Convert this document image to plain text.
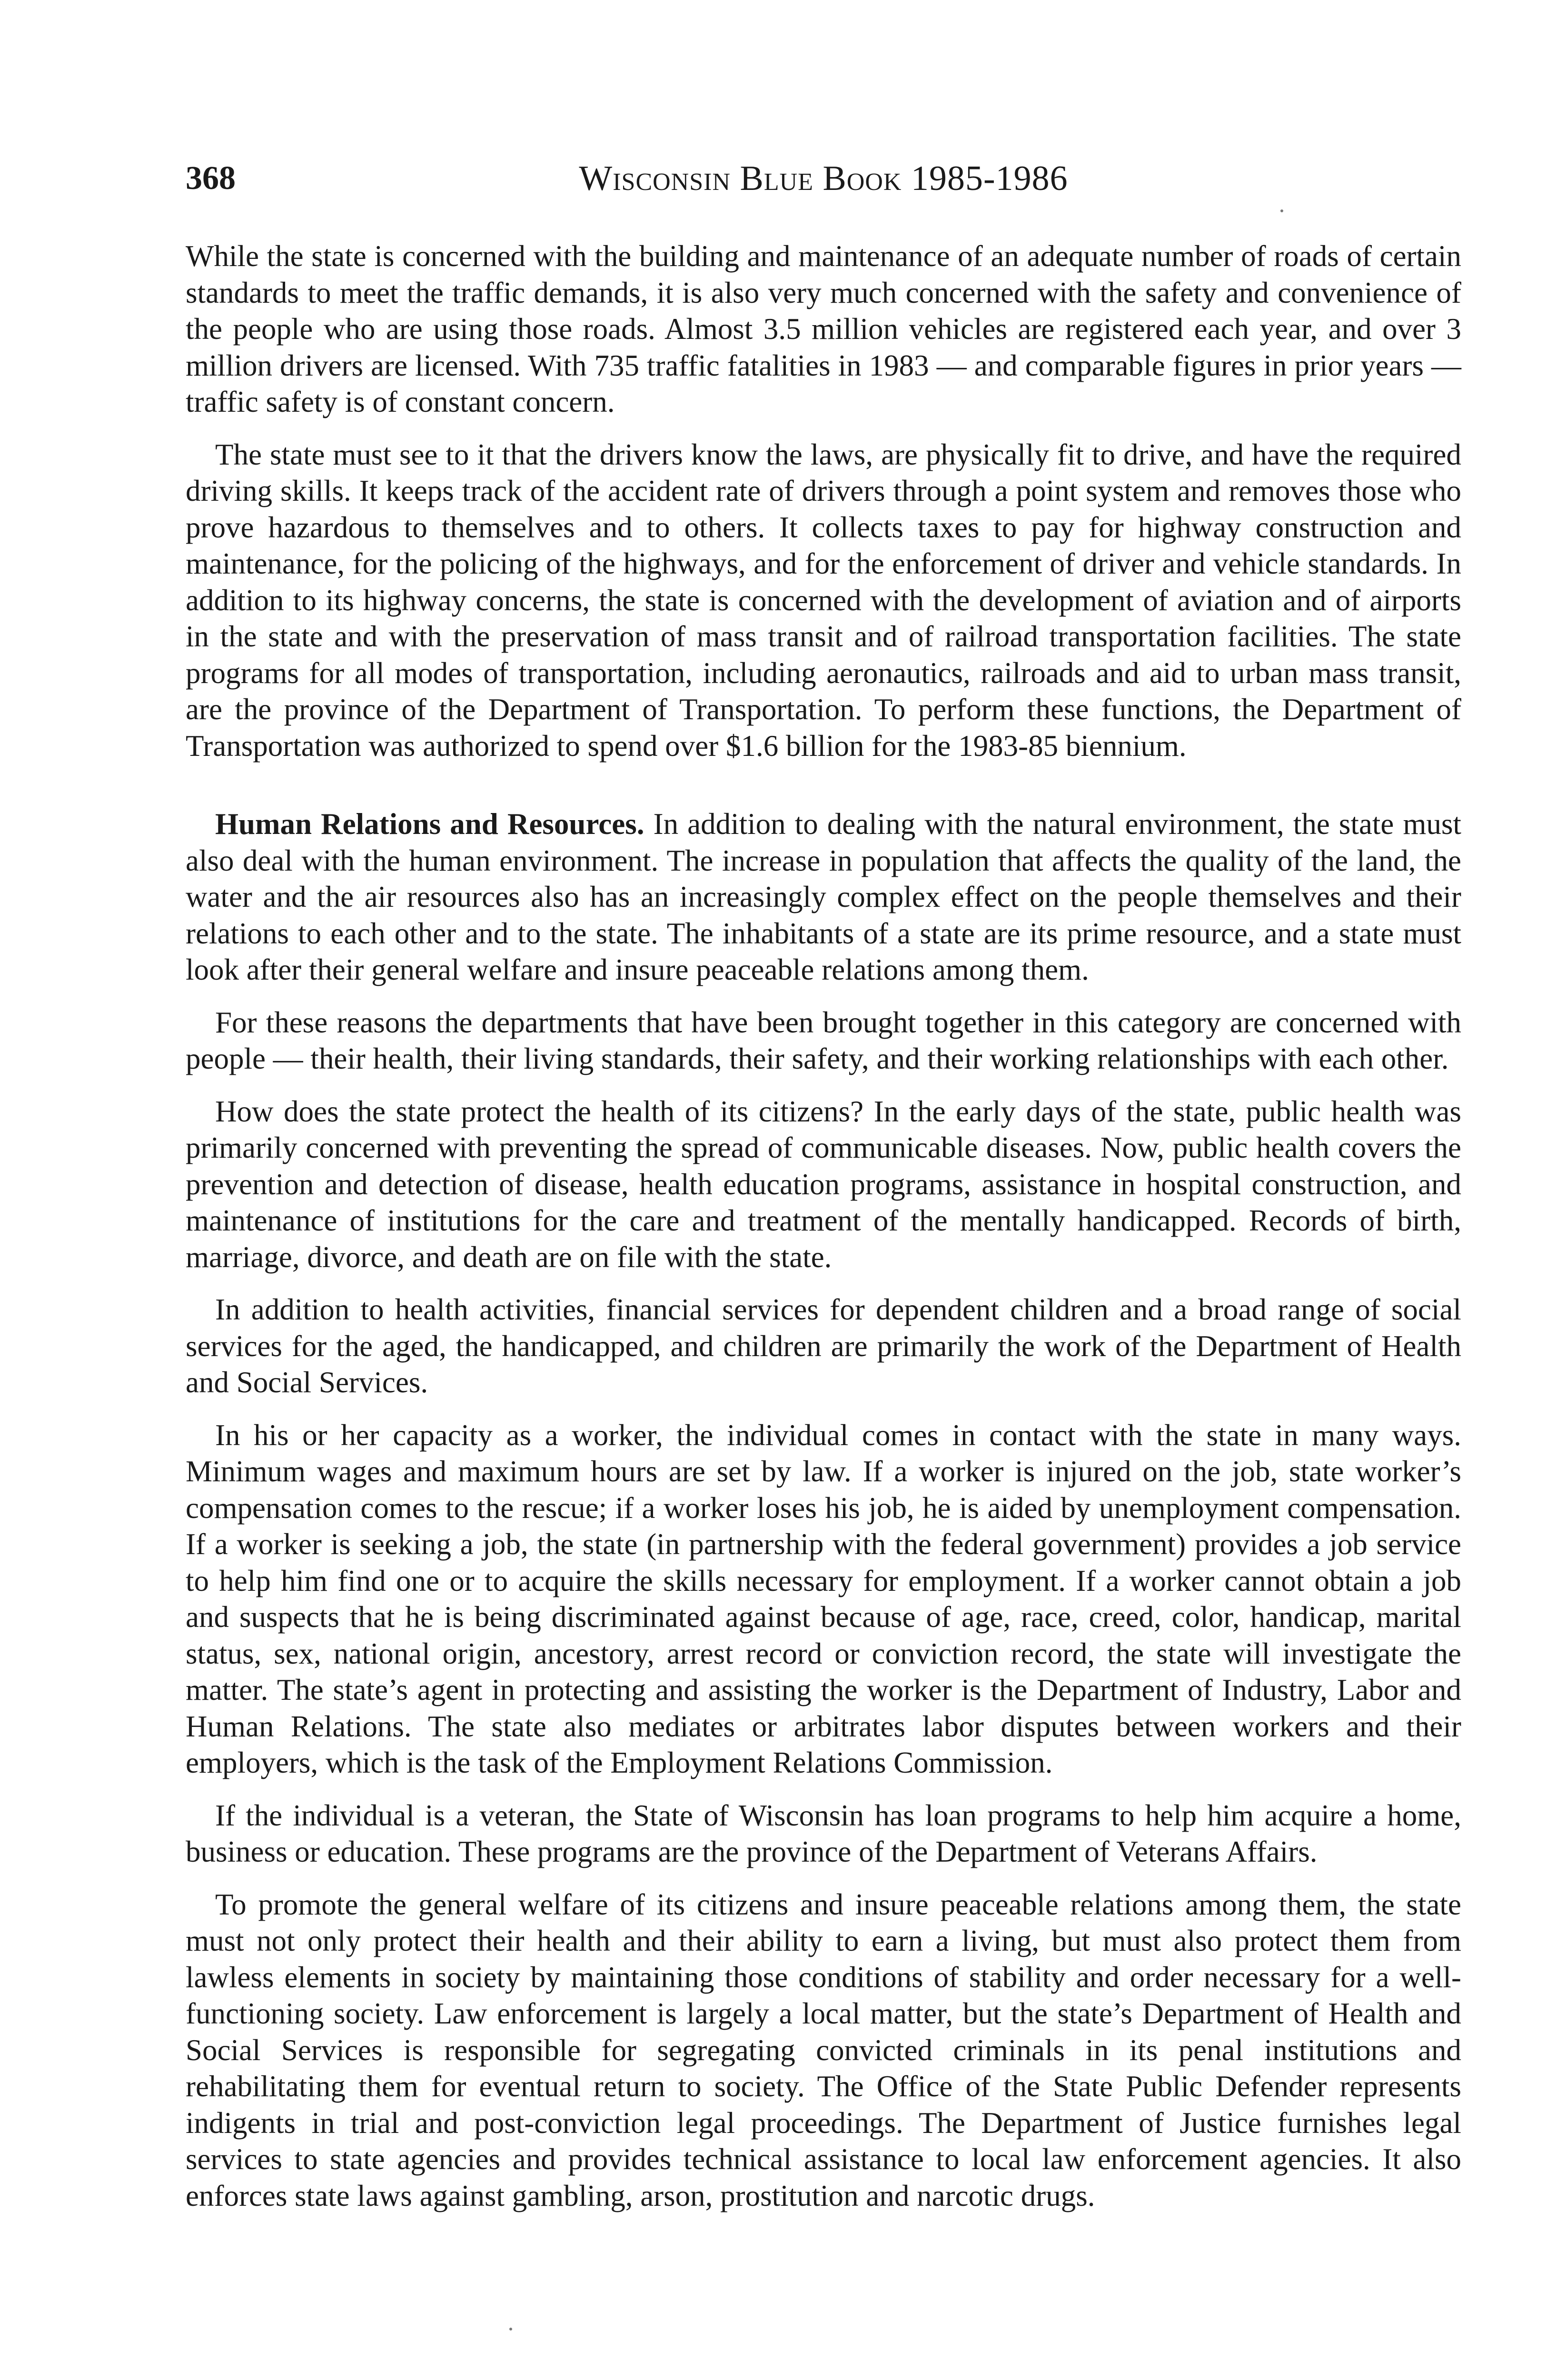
368	Wisconsin Blue Book 1985-1986

While the state is concerned with the building and maintenance of an adequate number of roads of certain standards to meet the traffic demands, it is also very much concerned with the safety and convenience of the people who are using those roads. Almost 3.5 million vehicles are registered each year, and over 3 million drivers are licensed. With 735 traffic fatalities in 1983 — and comparable figures in prior years — traffic safety is of constant concern.

The state must see to it that the drivers know the laws, are physically fit to drive, and have the required driving skills. It keeps track of the accident rate of drivers through a point system and removes those who prove hazardous to themselves and to others. It collects taxes to pay for highway construction and maintenance, for the policing of the highways, and for the enforcement of driver and vehicle standards. In addition to its highway concerns, the state is concerned with the development of aviation and of airports in the state and with the preservation of mass transit and of railroad transportation facilities. The state programs for all modes of transportation, including aeronautics, railroads and aid to urban mass transit, are the province of the Department of Transportation. To perform these functions, the Department of Transportation was authorized to spend over $1.6 billion for the 1983-85 biennium.

Human Relations and Resources. In addition to dealing with the natural environment, the state must also deal with the human environment. The increase in population that affects the quality of the land, the water and the air resources also has an increasingly complex effect on the people themselves and their relations to each other and to the state. The inhabitants of a state are its prime resource, and a state must look after their general welfare and insure peaceable relations among them.

For these reasons the departments that have been brought together in this category are concerned with people — their health, their living standards, their safety, and their working relationships with each other.

How does the state protect the health of its citizens? In the early days of the state, public health was primarily concerned with preventing the spread of communicable diseases. Now, public health covers the prevention and detection of disease, health education programs, assistance in hospital construction, and maintenance of institutions for the care and treatment of the mentally handicapped. Records of birth, marriage, divorce, and death are on file with the state.

In addition to health activities, financial services for dependent children and a broad range of social services for the aged, the handicapped, and children are primarily the work of the Department of Health and Social Services.

In his or her capacity as a worker, the individual comes in contact with the state in many ways. Minimum wages and maximum hours are set by law. If a worker is injured on the job, state worker’s compensation comes to the rescue; if a worker loses his job, he is aided by unemployment compensation. If a worker is seeking a job, the state (in partnership with the federal government) provides a job service to help him find one or to acquire the skills necessary for employment. If a worker cannot obtain a job and suspects that he is being discriminated against because of age, race, creed, color, handicap, marital status, sex, national origin, ancestory, arrest record or conviction record, the state will investigate the matter. The state’s agent in protecting and assisting the worker is the Department of Industry, Labor and Human Relations. The state also mediates or arbitrates labor disputes between workers and their employers, which is the task of the Employment Relations Commission.

If the individual is a veteran, the State of Wisconsin has loan programs to help him acquire a home, business or education. These programs are the province of the Department of Veterans Affairs.

To promote the general welfare of its citizens and insure peaceable relations among them, the state must not only protect their health and their ability to earn a living, but must also protect them from lawless elements in society by maintaining those conditions of stability and order necessary for a well-functioning society. Law enforcement is largely a local matter, but the state’s Department of Health and Social Services is responsible for segregating convicted criminals in its penal institutions and rehabilitating them for eventual return to society. The Office of the State Public Defender represents indigents in trial and post-conviction legal proceedings. The Department of Justice furnishes legal services to state agencies and provides technical assistance to local law enforcement agencies. It also enforces state laws against gambling, arson, prostitution and narcotic drugs.
